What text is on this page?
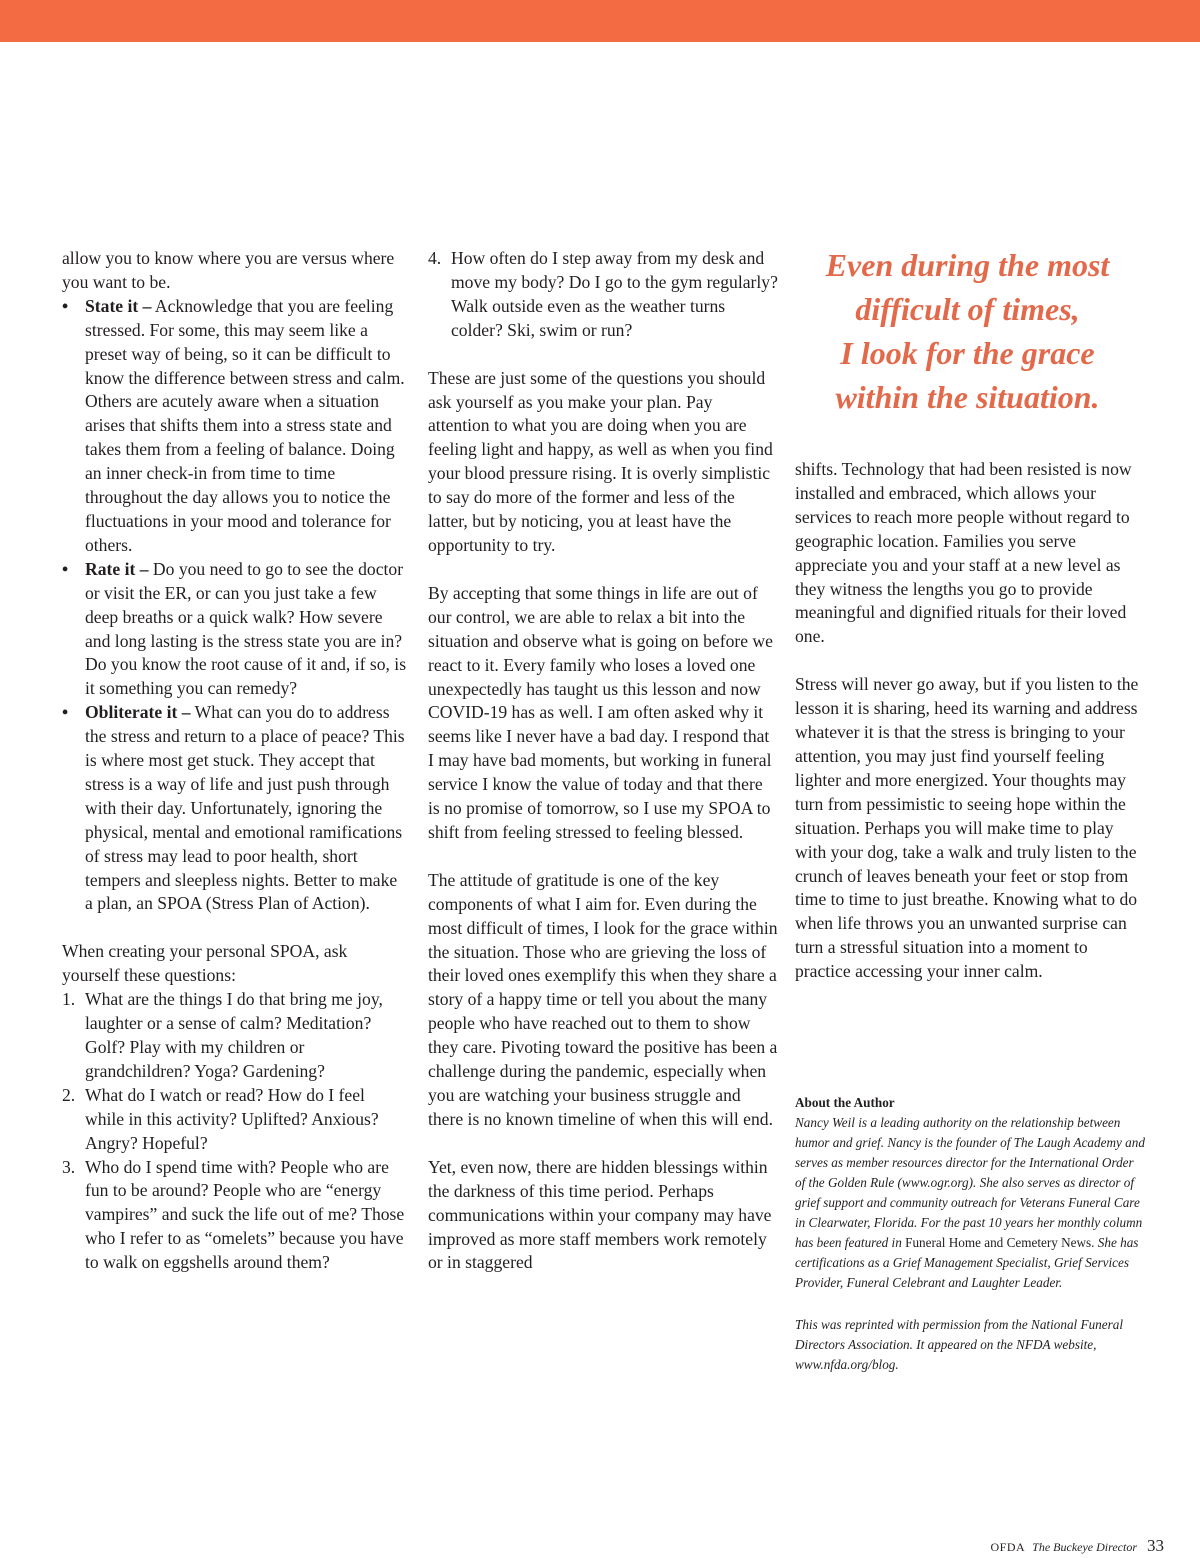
allow you to know where you are versus where you want to be.

• State it – Acknowledge that you are feeling stressed. For some, this may seem like a preset way of being, so it can be difficult to know the difference between stress and calm. Others are acutely aware when a situation arises that shifts them into a stress state and takes them from a feeling of balance. Doing an inner check-in from time to time throughout the day allows you to notice the fluctuations in your mood and tolerance for others.
• Rate it – Do you need to go to see the doctor or visit the ER, or can you just take a few deep breaths or a quick walk? How severe and long lasting is the stress state you are in? Do you know the root cause of it and, if so, is it something you can remedy?
• Obliterate it – What can you do to address the stress and return to a place of peace? This is where most get stuck. They accept that stress is a way of life and just push through with their day. Unfortunately, ignoring the physical, mental and emotional ramifications of stress may lead to poor health, short tempers and sleepless nights. Better to make a plan, an SPOA (Stress Plan of Action).

When creating your personal SPOA, ask yourself these questions:

1. What are the things I do that bring me joy, laughter or a sense of calm? Meditation? Golf? Play with my children or grandchildren? Yoga? Gardening?
2. What do I watch or read? How do I feel while in this activity? Uplifted? Anxious? Angry? Hopeful?
3. Who do I spend time with? People who are fun to be around? People who are “energy vampires” and suck the life out of me? Those who I refer to as “omelets” because you have to walk on eggshells around them?
4. How often do I step away from my desk and move my body? Do I go to the gym regularly? Walk outside even as the weather turns colder? Ski, swim or run?

These are just some of the questions you should ask yourself as you make your plan. Pay attention to what you are doing when you are feeling light and happy, as well as when you find your blood pressure rising. It is overly simplistic to say do more of the former and less of the latter, but by noticing, you at least have the opportunity to try.

By accepting that some things in life are out of our control, we are able to relax a bit into the situation and observe what is going on before we react to it. Every family who loses a loved one unexpectedly has taught us this lesson and now COVID-19 has as well. I am often asked why it seems like I never have a bad day. I respond that I may have bad moments, but working in funeral service I know the value of today and that there is no promise of tomorrow, so I use my SPOA to shift from feeling stressed to feeling blessed.

The attitude of gratitude is one of the key components of what I aim for. Even during the most difficult of times, I look for the grace within the situation. Those who are grieving the loss of their loved ones exemplify this when they share a story of a happy time or tell you about the many people who have reached out to them to show they care. Pivoting toward the positive has been a challenge during the pandemic, especially when you are watching your business struggle and there is no known timeline of when this will end.

Yet, even now, there are hidden blessings within the darkness of this time period. Perhaps communications within your company may have improved as more staff members work remotely or in staggered

Even during the most
difficult of times,
I look for the grace
within the situation.

shifts. Technology that had been resisted is now installed and embraced, which allows your services to reach more people without regard to geographic location. Families you serve appreciate you and your staff at a new level as they witness the lengths you go to provide meaningful and dignified rituals for their loved one.

Stress will never go away, but if you listen to the lesson it is sharing, heed its warning and address whatever it is that the stress is bringing to your attention, you may just find yourself feeling lighter and more energized. Your thoughts may turn from pessimistic to seeing hope within the situation. Perhaps you will make time to play with your dog, take a walk and truly listen to the crunch of leaves beneath your feet or stop from time to time to just breathe. Knowing what to do when life throws you an unwanted surprise can turn a stressful situation into a moment to practice accessing your inner calm.

About the Author

Nancy Weil is a leading authority on the relationship between humor and grief. Nancy is the founder of The Laugh Academy and serves as member resources director for the International Order of the Golden Rule (www.ogr.org). She also serves as director of grief support and community outreach for Veterans Funeral Care in Clearwater, Florida. For the past 10 years her monthly column has been featured in Funeral Home and Cemetery News. She has certifications as a Grief Management Specialist, Grief Services Provider, Funeral Celebrant and Laughter Leader.

This was reprinted with permission from the National Funeral Directors Association. It appeared on the NFDA website, www.nfda.org/blog.

OFDA The Buckeye Director 33
